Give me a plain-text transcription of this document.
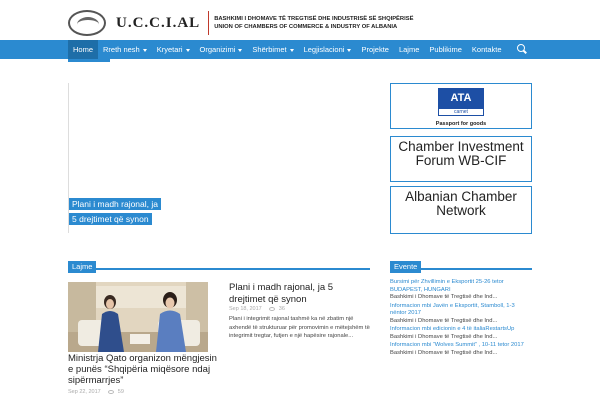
U.C.C.I.AL BASHKIMI I DHOMAVE TË TREGTISË DHE INDUSTRISË SË SHQIPËRISË
UNION OF CHAMBERS OF COMMERCE & INDUSTRY OF ALBANIA
Home	Rreth nesh	Kryetari	Organizimi	Shërbimet	Legjislacioni	Projekte	Lajme	Publikime	Kontakte
Plani i madh rajonal, ja 5 drejtimet që synon
ATA
carnet
Passport for goods
Chamber Investment Forum WB-CIF
Albanian Chamber Network
Lajme	Evente
Ministrja Qato organizon mëngjesin e punës “Shqipëria miqësore ndaj sipërmarrjes”
Sep 22, 2017	59
Plani i madh rajonal, ja 5 drejtimet që synon
Sep 18, 2017	36
Plani i integrimit rajonal tashmë ka në zbatim një axhendë të strukturuar për promovimin e mëtejshëm të integrimit tregtar, futjen e një hapësire rajonale...
Bursimi për Zhvillimin e Eksportit 25-26 tetor BUDAPEST, HUNGARI
Bashkimi i Dhomave të Tregtisë dhe Ind...
Informacion mbi Javën e Eksportit, Stamboll, 1-3 nëntor 2017
Bashkimi i Dhomave të Tregtisë dhe Ind...
Informacion mbi edicionin e 4 të italiaRestartsUp
Bashkimi i Dhomave të Tregtisë dhe Ind...
Informacion mbi “Wolves Summit” , 10-11 tetor 2017
Bashkimi i Dhomave të Tregtisë dhe Ind...
